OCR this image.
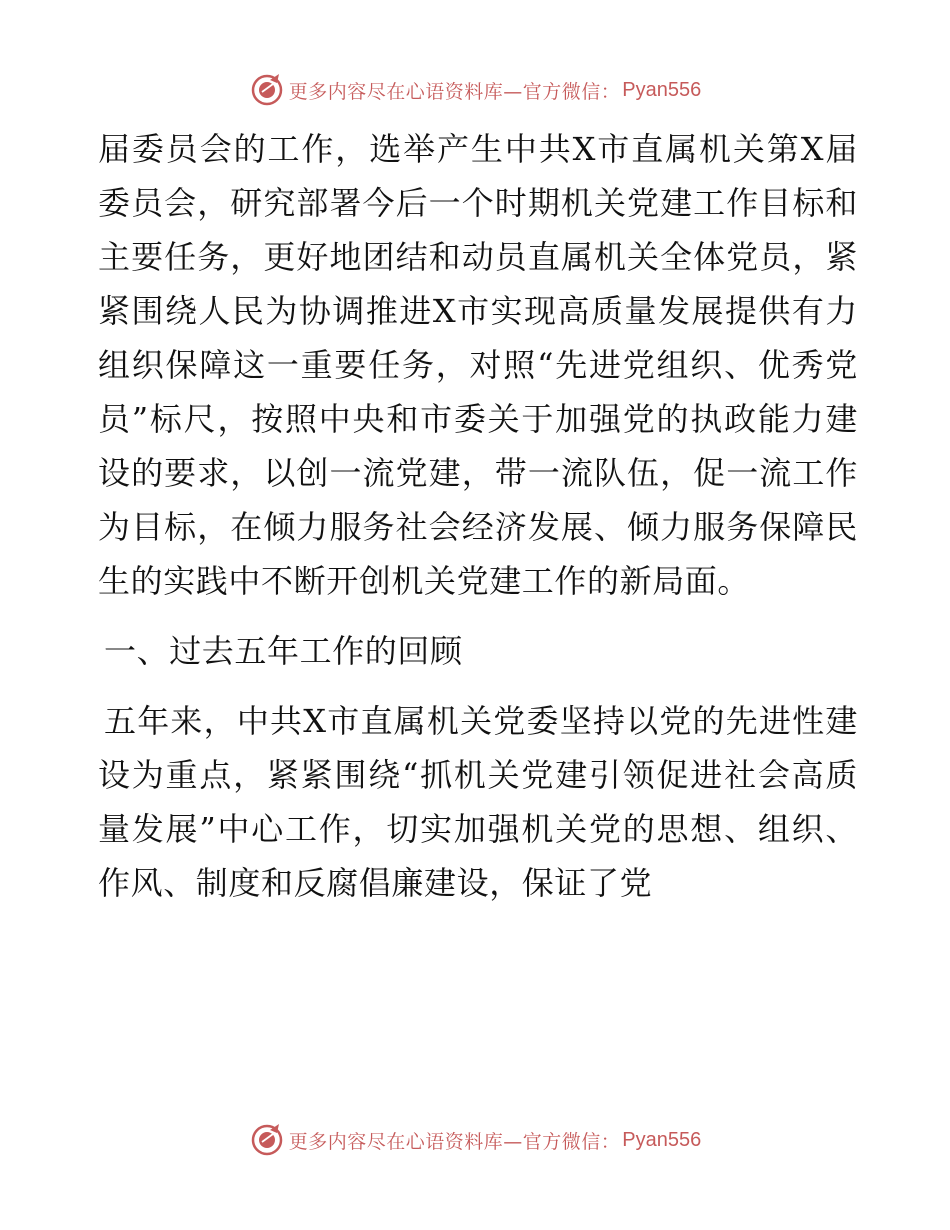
更多内容尽在心语资料库—官方微信： Pyan556

届委员会的工作，选举产生中共X市直属机关第X届委员会，研究部署今后一个时期机关党建工作目标和主要任务，更好地团结和动员直属机关全体党员，紧紧围绕人民为协调推进X市实现高质量发展提供有力组织保障这一重要任务，对照“先进党组织、优秀党员”标尺，按照中央和市委关于加强党的执政能力建设的要求，以创一流党建，带一流队伍，促一流工作为目标，在倾力服务社会经济发展、倾力服务保障民生的实践中不断开创机关党建工作的新局面。

一、过去五年工作的回顾

五年来，中共X市直属机关党委坚持以党的先进性建设为重点，紧紧围绕“抓机关党建引领促进社会高质量发展”中心工作，切实加强机关党的思想、组织、作风、制度和反腐倡廉建设，保证了党

更多内容尽在心语资料库—官方微信： Pyan556
